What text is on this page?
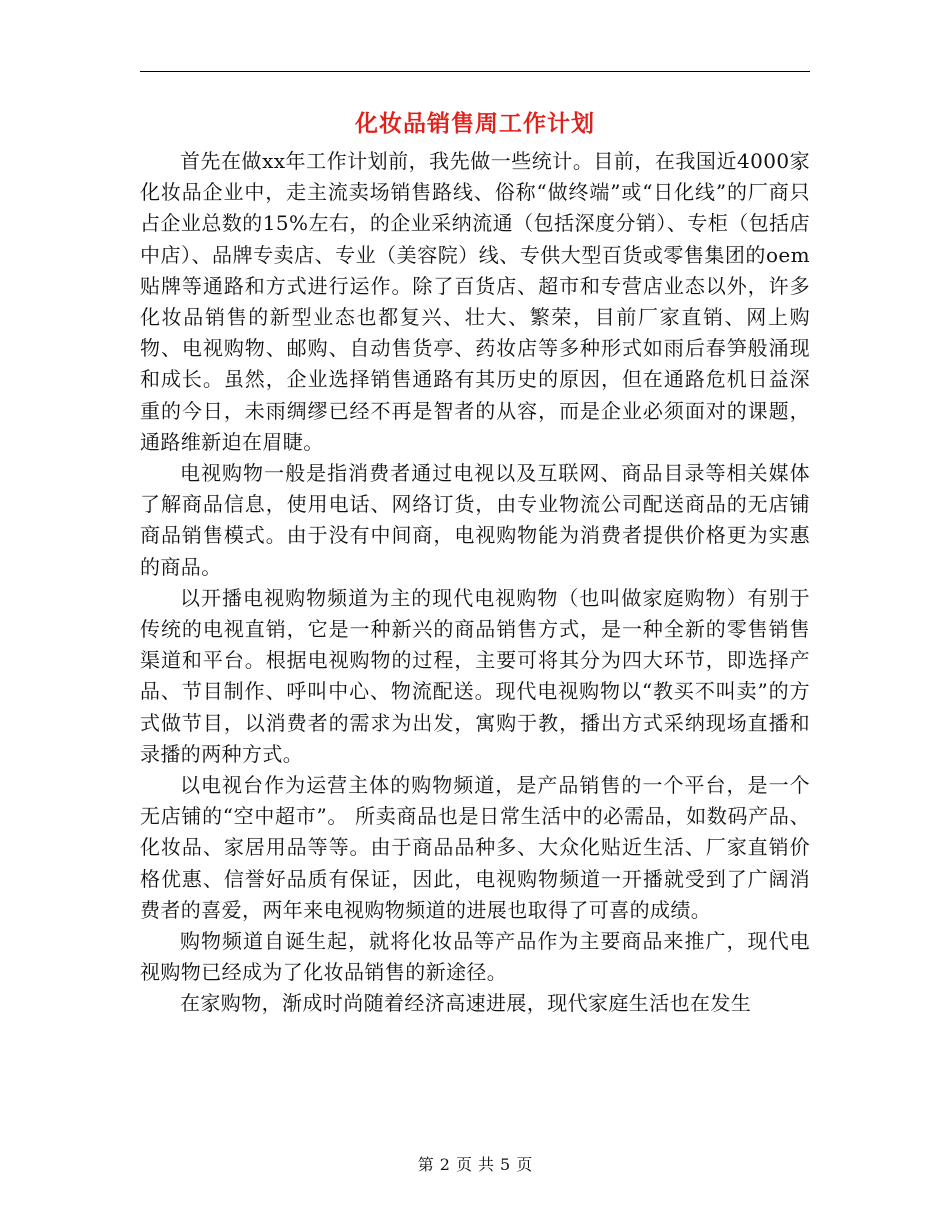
化妆品销售周工作计划

首先在做xx年工作计划前，我先做一些统计。目前，在我国近4000家化妆品企业中，走主流卖场销售路线、俗称“做终端”或“日化线”的厂商只占企业总数的15%左右，的企业采纳流通（包括深度分销）、专柜（包括店中店）、品牌专卖店、专业（美容院）线、专供大型百货或零售集团的oem贴牌等通路和方式进行运作。除了百货店、超市和专营店业态以外，许多化妆品销售的新型业态也都复兴、壮大、繁荣，目前厂家直销、网上购物、电视购物、邮购、自动售货亭、药妆店等多种形式如雨后春笋般涌现和成长。虽然，企业选择销售通路有其历史的原因，但在通路危机日益深重的今日，未雨绸缪已经不再是智者的从容，而是企业必须面对的课题，通路维新迫在眉睫。

电视购物一般是指消费者通过电视以及互联网、商品目录等相关媒体了解商品信息，使用电话、网络订货，由专业物流公司配送商品的无店铺商品销售模式。由于没有中间商，电视购物能为消费者提供价格更为实惠的商品。

以开播电视购物频道为主的现代电视购物（也叫做家庭购物）有别于传统的电视直销，它是一种新兴的商品销售方式，是一种全新的零售销售渠道和平台。根据电视购物的过程，主要可将其分为四大环节，即选择产品、节目制作、呼叫中心、物流配送。现代电视购物以“教买不叫卖”的方式做节目，以消费者的需求为出发，寓购于教，播出方式采纳现场直播和录播的两种方式。

以电视台作为运营主体的购物频道，是产品销售的一个平台，是一个无店铺的“空中超市”。 所卖商品也是日常生活中的必需品，如数码产品、化妆品、家居用品等等。由于商品品种多、大众化贴近生活、厂家直销价格优惠、信誉好品质有保证，因此，电视购物频道一开播就受到了广阔消费者的喜爱，两年来电视购物频道的进展也取得了可喜的成绩。

购物频道自诞生起，就将化妆品等产品作为主要商品来推广，现代电视购物已经成为了化妆品销售的新途径。

在家购物，渐成时尚随着经济高速进展，现代家庭生活也在发生

第 2 页 共 5 页
